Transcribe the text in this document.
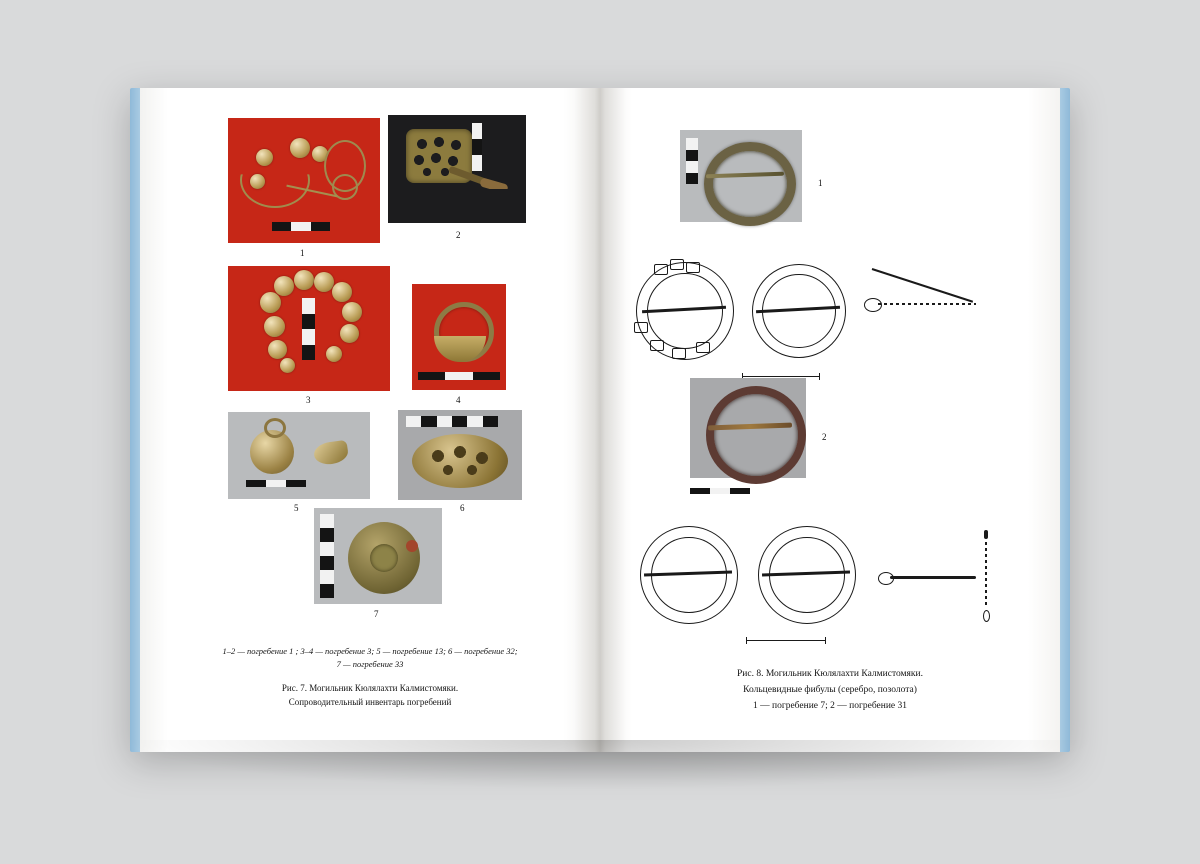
1
2
3	4
5	6
7
1–2 — погребение 1 ; 3–4 — погребение 3; 5 — погребение 13; 6 — погребение 32;
7 — погребение 33
Рис. 7. Могильник Кюлялахти Калмистомяки.
Сопроводительный инвентарь погребений
1
2
Рис. 8. Могильник Кюлялахти Калмистомяки.
Кольцевидные фибулы (серебро, позолота)
1 — погребение 7; 2 — погребение 31
